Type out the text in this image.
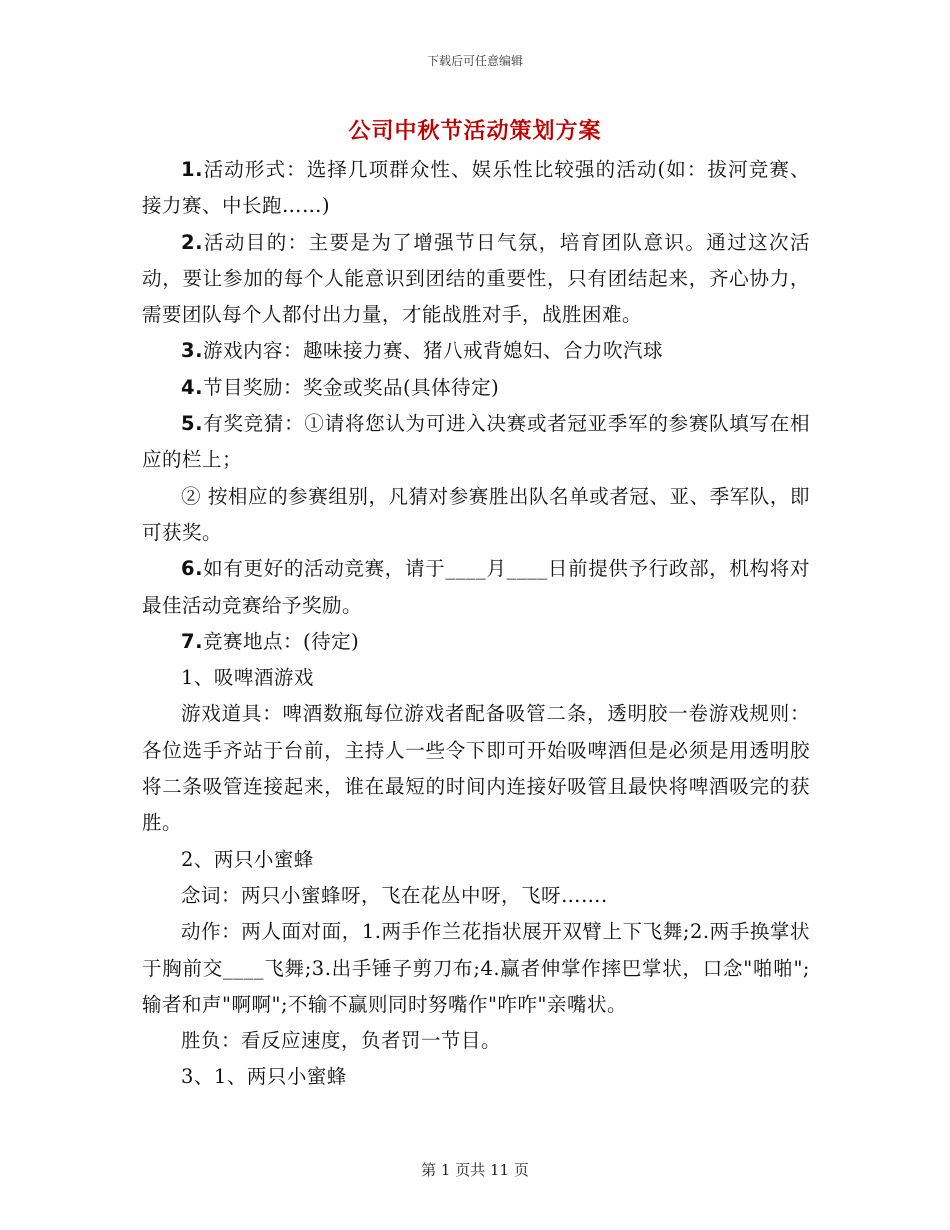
下载后可任意编辑
公司中秋节活动策划方案

1.活动形式：选择几项群众性、娱乐性比较强的活动(如：拔河竞赛、接力赛、中长跑……)

2.活动目的：主要是为了增强节日气氛，培育团队意识。通过这次活动，要让参加的每个人能意识到团结的重要性，只有团结起来，齐心协力，需要团队每个人都付出力量，才能战胜对手，战胜困难。

3.游戏内容：趣味接力赛、猪八戒背媳妇、合力吹汽球

4.节目奖励：奖金或奖品(具体待定)

5.有奖竞猜：①请将您认为可进入决赛或者冠亚季军的参赛队填写在相应的栏上；

② 按相应的参赛组别，凡猜对参赛胜出队名单或者冠、亚、季军队，即可获奖。

6.如有更好的活动竞赛，请于____月____日前提供予行政部，机构将对最佳活动竞赛给予奖励。

7.竞赛地点：(待定)

1、吸啤酒游戏

游戏道具：啤酒数瓶每位游戏者配备吸管二条，透明胶一卷游戏规则：各位选手齐站于台前，主持人一些令下即可开始吸啤酒但是必须是用透明胶将二条吸管连接起来，谁在最短的时间内连接好吸管且最快将啤酒吸完的获胜。

2、两只小蜜蜂

念词：两只小蜜蜂呀，飞在花丛中呀，飞呀…….

动作：两人面对面，1.两手作兰花指状展开双臂上下飞舞;2.两手换掌状于胸前交____飞舞;3.出手锤子剪刀布;4.赢者伸掌作摔巴掌状，口念"啪啪";输者和声"啊啊";不输不赢则同时努嘴作"咋咋"亲嘴状。

胜负：看反应速度，负者罚一节目。

3、1、两只小蜜蜂

第 1 页共 11 页
